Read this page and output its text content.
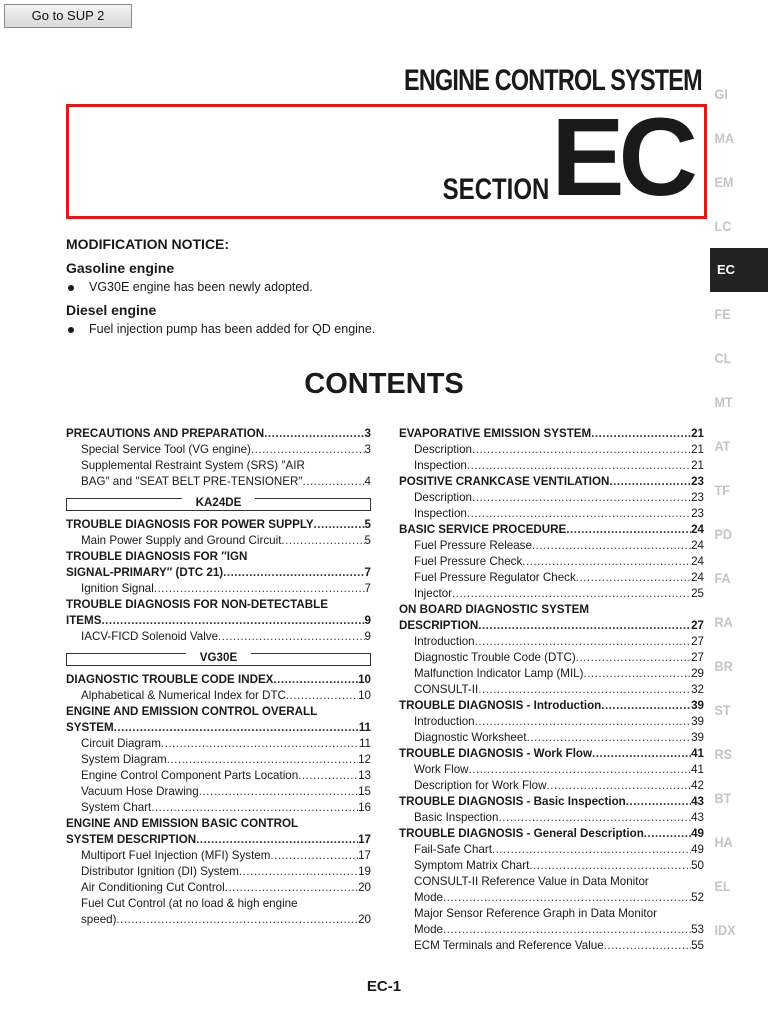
Go to SUP 2
ENGINE CONTROL SYSTEM
SECTION EC
GI
MA
EM
LC
EC
FE
CL
MT
AT
TF
PD
FA
RA
BR
ST
RS
BT
HA
EL
IDX
MODIFICATION NOTICE:
Gasoline engine
VG30E engine has been newly adopted.
Diesel engine
Fuel injection pump has been added for QD engine.
CONTENTS
PRECAUTIONS AND PREPARATION .....	3
Special Service Tool (VG engine) .....	3
Supplemental Restraint System (SRS) ″AIR
BAG″ and ″SEAT BELT PRE-TENSIONER″ .....	4
KA24DE
TROUBLE DIAGNOSIS FOR POWER SUPPLY .....	5
Main Power Supply and Ground Circuit .....	5
TROUBLE DIAGNOSIS FOR ″IGN
SIGNAL-PRIMARY″ (DTC 21) .....	7
Ignition Signal .....	7
TROUBLE DIAGNOSIS FOR NON-DETECTABLE
ITEMS .....	9
IACV-FICD Solenoid Valve .....	9
VG30E
DIAGNOSTIC TROUBLE CODE INDEX .....	10
Alphabetical & Numerical Index for DTC .....	10
ENGINE AND EMISSION CONTROL OVERALL
SYSTEM .....	11
Circuit Diagram .....	11
System Diagram .....	12
Engine Control Component Parts Location .....	13
Vacuum Hose Drawing .....	15
System Chart .....	16
ENGINE AND EMISSION BASIC CONTROL
SYSTEM DESCRIPTION .....	17
Multiport Fuel Injection (MFI) System .....	17
Distributor Ignition (DI) System .....	19
Air Conditioning Cut Control .....	20
Fuel Cut Control (at no load & high engine
speed) .....	20
EVAPORATIVE EMISSION SYSTEM .....	21
Description .....	21
Inspection .....	21
POSITIVE CRANKCASE VENTILATION .....	23
Description .....	23
Inspection .....	23
BASIC SERVICE PROCEDURE .....	24
Fuel Pressure Release .....	24
Fuel Pressure Check .....	24
Fuel Pressure Regulator Check .....	24
Injector .....	25
ON BOARD DIAGNOSTIC SYSTEM
DESCRIPTION .....	27
Introduction .....	27
Diagnostic Trouble Code (DTC) .....	27
Malfunction Indicator Lamp (MIL) .....	29
CONSULT-II .....	32
TROUBLE DIAGNOSIS - Introduction .....	39
Introduction .....	39
Diagnostic Worksheet .....	39
TROUBLE DIAGNOSIS - Work Flow .....	41
Work Flow .....	41
Description for Work Flow .....	42
TROUBLE DIAGNOSIS - Basic Inspection .....	43
Basic Inspection .....	43
TROUBLE DIAGNOSIS - General Description .....	49
Fail-Safe Chart .....	49
Symptom Matrix Chart .....	50
CONSULT-II Reference Value in Data Monitor
Mode .....	52
Major Sensor Reference Graph in Data Monitor
Mode .....	53
ECM Terminals and Reference Value .....	55
EC-1
